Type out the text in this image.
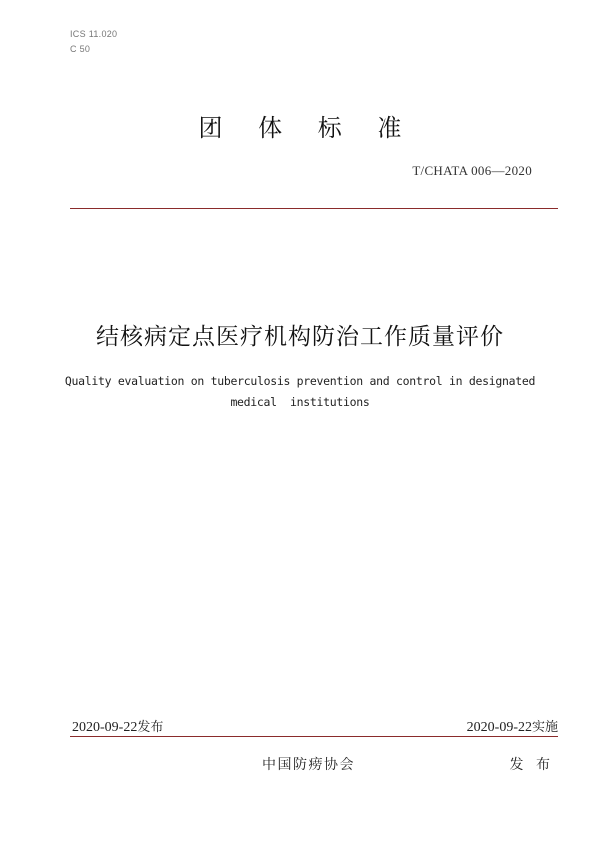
ICS 11.020
C 50
团 体 标 准
T/CHATA 006—2020
结核病定点医疗机构防治工作质量评价
Quality evaluation on tuberculosis prevention and control in designated
medical  institutions
2020-09-22发布	2020-09-22实施
中国防痨协会	发 布
